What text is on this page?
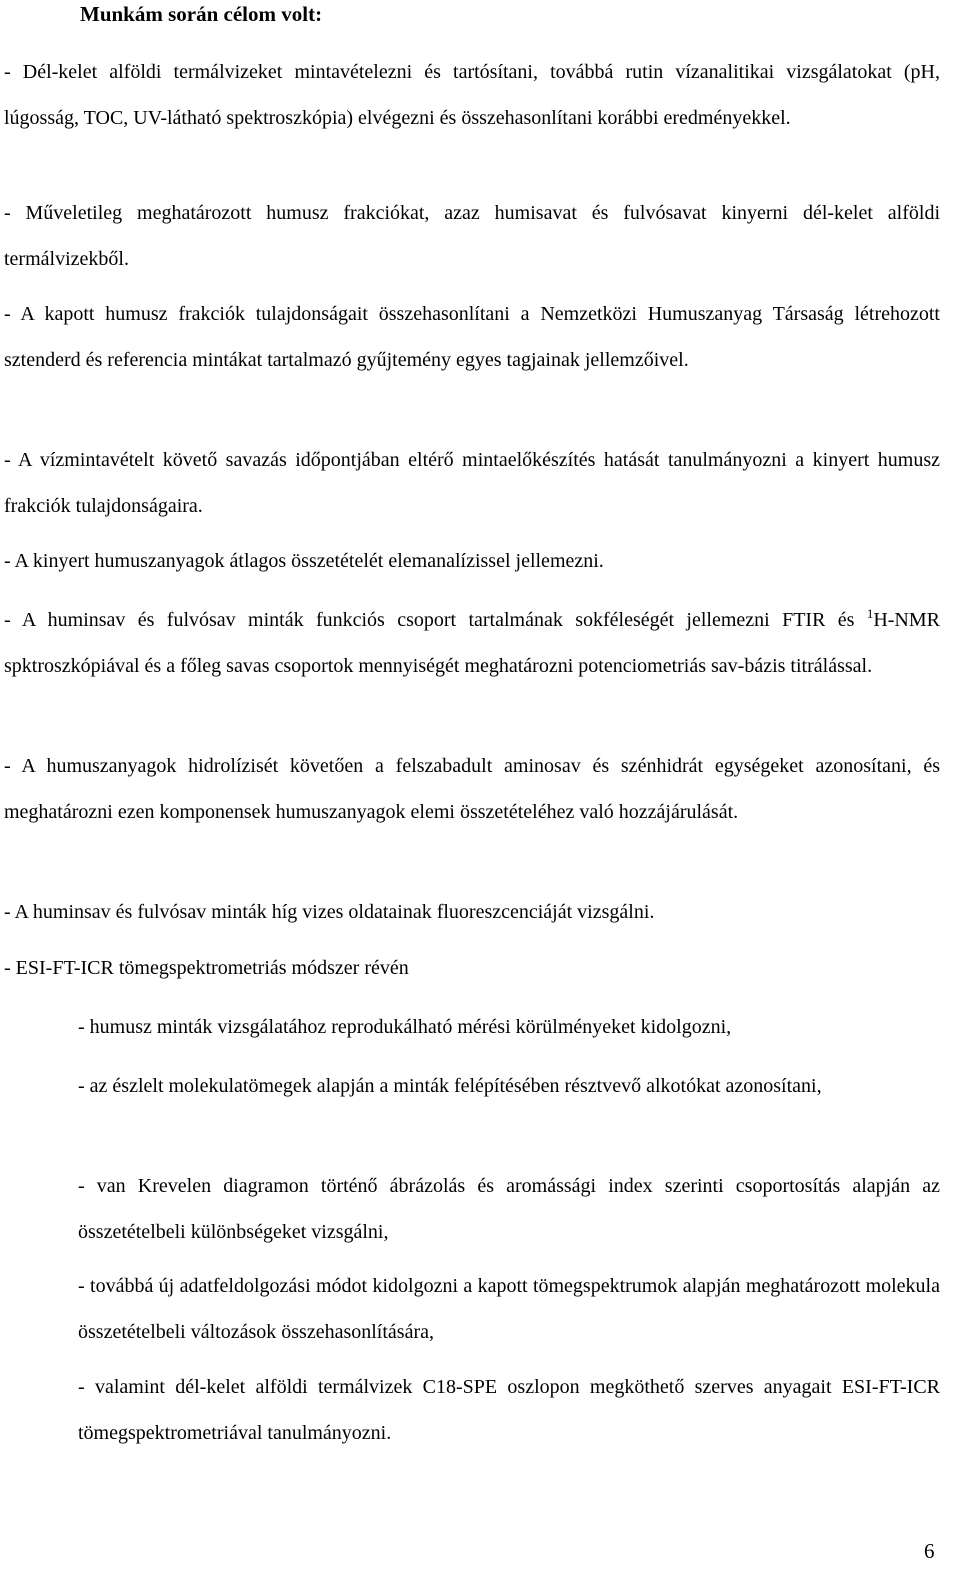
Munkám során célom volt:

- Dél-kelet alföldi termálvizeket mintavételezni és tartósítani, továbbá rutin vízanalitikai vizsgálatokat (pH, lúgosság, TOC, UV-látható spektroszkópia) elvégezni és összehasonlítani korábbi eredményekkel.

- Műveletileg meghatározott humusz frakciókat, azaz humisavat és fulvósavat kinyerni dél-kelet alföldi termálvizekből.

- A kapott humusz frakciók tulajdonságait összehasonlítani a Nemzetközi Humuszanyag Társaság létrehozott sztenderd és referencia mintákat tartalmazó gyűjtemény egyes tagjainak jellemzőivel.

- A vízmintavételt követő savazás időpontjában eltérő mintaelőkészítés hatását tanulmányozni a kinyert humusz frakciók tulajdonságaira.

- A kinyert humuszanyagok átlagos összetételét elemanalízissel jellemezni.

- A huminsav és fulvósav minták funkciós csoport tartalmának sokféleségét jellemezni FTIR és $^1$H-NMR spktroszkópiával és a főleg savas csoportok mennyiségét meghatározni potenciometriás sav-bázis titrálással.

- A humuszanyagok hidrolízisét követően a felszabadult aminosav és szénhidrát egységeket azonosítani, és meghatározni ezen komponensek humuszanyagok elemi összetételéhez való hozzájárulását.

- A huminsav és fulvósav minták híg vizes oldatainak fluoreszcenciáját vizsgálni.

- ESI-FT-ICR tömegspektrometriás módszer révén

- humusz minták vizsgálatához reprodukálható mérési körülményeket kidolgozni,

- az észlelt molekulatömegek alapján a minták felépítésében résztvevő alkotókat azonosítani,

- van Krevelen diagramon történő ábrázolás és aromássági index szerinti csoportosítás alapján az összetételbeli különbségeket vizsgálni,

- továbbá új adatfeldolgozási módot kidolgozni a kapott tömegspektrumok alapján meghatározott molekula összetételbeli változások összehasonlítására,

- valamint dél-kelet alföldi termálvizek C18-SPE oszlopon megköthető szerves anyagait ESI-FT-ICR tömegspektrometriával tanulmányozni.

6
